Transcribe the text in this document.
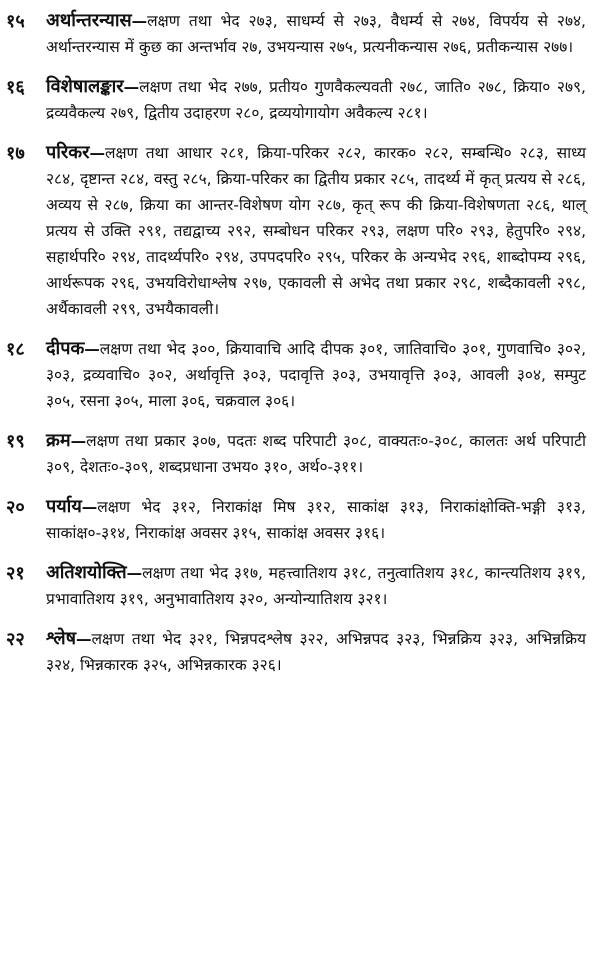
१५	अर्थान्तरन्यास—लक्षण तथा भेद २७३, साधर्म्य से २७३, वैधर्म्य से २७४, विपर्यय से २७४, अर्थान्तरन्यास में कुछ का अन्तर्भाव २७, उभयन्यास २७५, प्रत्यनीकन्यास २७६, प्रतीकन्यास २७७।
१६	विशेषालङ्कार—लक्षण तथा भेद २७७, प्रतीय० गुणवैकल्यवती २७८, जाति० २७८, क्रिया० २७९, द्रव्यवैकल्य २७९, द्वितीय उदाहरण २८०, द्रव्ययोगायोग अवैकल्य २८१।
१७	परिकर—लक्षण तथा आधार २८१, क्रिया-परिकर २८२, कारक० २८२, सम्बन्धि० २८३, साध्य २८४, दृष्टान्त २८४, वस्तु २८५, क्रिया-परिकर का द्वितीय प्रकार २८५, तादर्थ्य में कृत् प्रत्यय से २८६, अव्यय से २८७, क्रिया का आन्तर-विशेषण योग २८७, कृत् रूप की क्रिया-विशेषणता २८६, थाल् प्रत्यय से उक्ति २९१, तद्यद्वाच्य २९२, सम्बोधन परिकर २९३, लक्षण परि० २९३, हेतुपरि० २९४, सहार्थपरि० २९४, तादर्थ्यपरि० २९४, उपपदपरि० २९५, परिकर के अन्यभेद २९६, शाब्दोपम्य २९६, आर्थरूपक २९६, उभयविरोधाश्लेष २९७, एकावली से अभेद तथा प्रकार २९८, शब्दैकावली २९८, अर्थैकावली २९९, उभयैकावली।
१८	दीपक—लक्षण तथा भेद ३००, क्रियावाचि आदि दीपक ३०१, जातिवाचि० ३०१, गुणवाचि० ३०२, ३०३, द्रव्यवाचि० ३०२, अर्थावृत्ति ३०३, पदावृत्ति ३०३, उभयावृत्ति ३०३, आवली ३०४, सम्पुट ३०५, रसना ३०५, माला ३०६, चक्रवाल ३०६।
१९	क्रम—लक्षण तथा प्रकार ३०७, पदतः शब्द परिपाटी ३०८, वाक्यतः०-३०८, कालतः अर्थ परिपाटी ३०९, देशतः०-३०९, शब्दप्रधाना उभय० ३१०, अर्थ०-३११।
२०	पर्याय—लक्षण भेद ३१२, निराकांक्ष मिष ३१२, साकांक्ष ३१३, निराकांक्षोक्ति-भङ्गी ३१३, साकांक्ष०-३१४, निराकांक्ष अवसर ३१५, साकांक्ष अवसर ३१६।
२१	अतिशयोक्ति—लक्षण तथा भेद ३१७, महत्त्वातिशय ३१८, तनुत्वातिशय ३१८, कान्त्यतिशय ३१९, प्रभावातिशय ३१९, अनुभावातिशय ३२०, अन्योन्यातिशय ३२१।
२२	श्लेष—लक्षण तथा भेद ३२१, भिन्नपदश्लेष ३२२, अभिन्नपद ३२३, भिन्नक्रिय ३२३, अभिन्नक्रिय ३२४, भिन्नकारक ३२५, अभिन्नकारक ३२६।
